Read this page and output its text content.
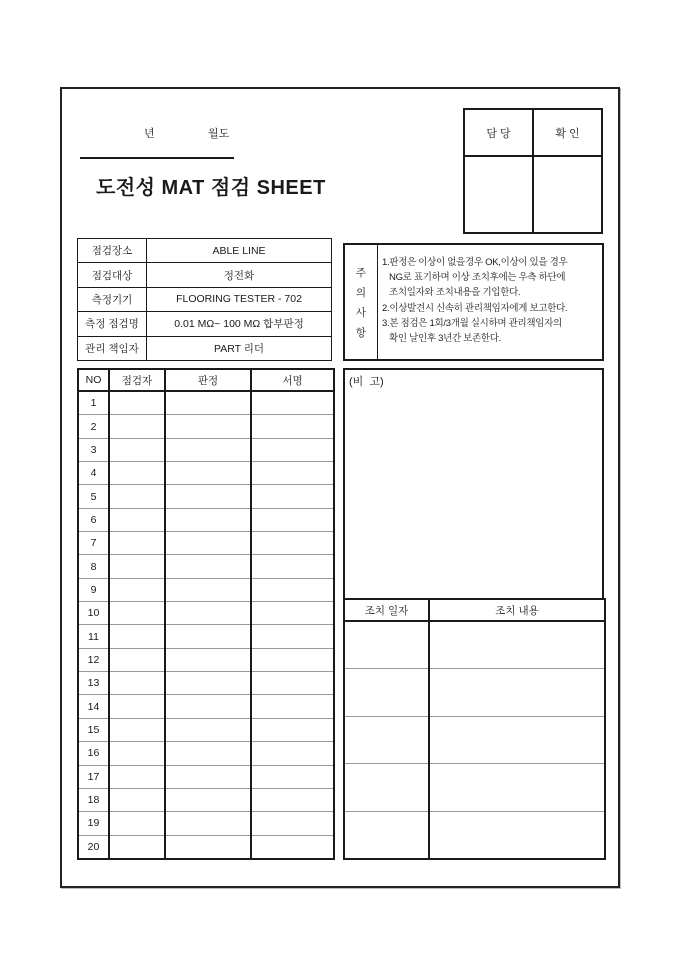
년	월도
도전성 MAT 점검 SHEET
담 당	확 인

점검장소	ABLE LINE
점검대상	정전화
측정기기	FLOORING TESTER - 702
측정 점검명	0.01 MΩ~ 100 MΩ 합부판정
관리 책임자	PART 리더
주
의
사
항
1.판정은 이상이 없을경우 OK,이상이 있을 경우
NG로 표기하며 이상 조치후에는 우측 하단에
조치일자와 조치내용을 기입한다.
2.이상발견시 신속히 관리책임자에게 보고한다.
3.본 점검은 1회/3개월 실시하며 관리책임자의
확인 날인후 3년간 보존한다.
NO	점검자	판정	서명
1			
2			
3			
4			
5			
6			
7			
8			
9			
10			
11			
12			
13			
14			
15			
16			
17			
18			
19			
20			
(비  고)
조치 일자	조치 내용
